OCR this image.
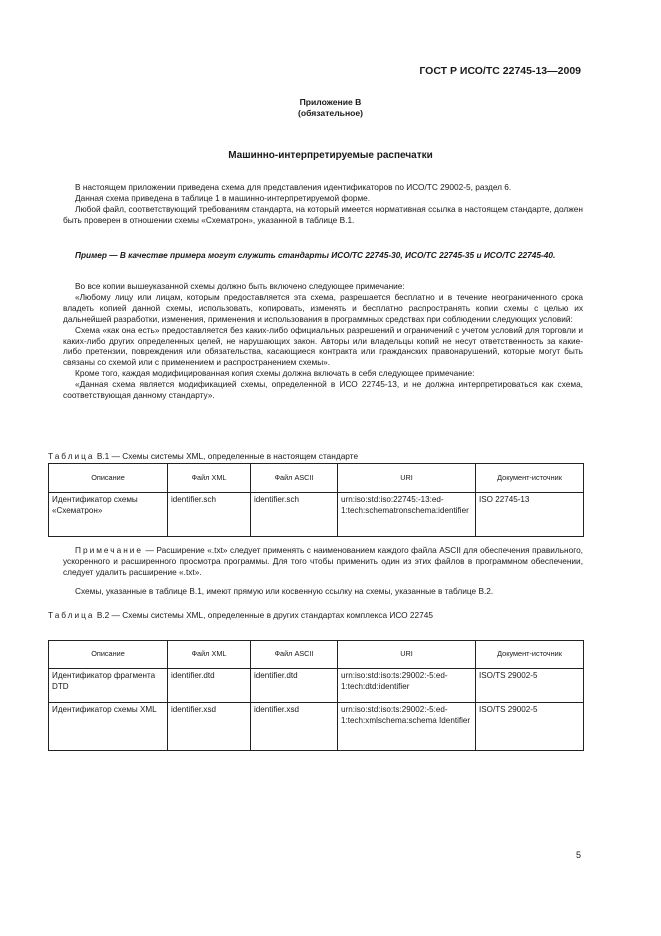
ГОСТ Р ИСО/ТС 22745-13—2009
Приложение В
(обязательное)
Машинно-интерпретируемые распечатки

В настоящем приложении приведена схема для представления идентификаторов по ИСО/ТС 29002-5, раздел 6.

Данная схема приведена в таблице 1 в машинно-интерпретируемой форме.

Любой файл, соответствующий требованиям стандарта, на который имеется нормативная ссылка в настоящем стандарте, должен быть проверен в отношении схемы «Схематрон», указанной в таблице В.1.

Пример — В качестве примера могут служить стандарты ИСО/ТС 22745-30, ИСО/ТС 22745-35 и ИСО/ТС 22745-40.

Во все копии вышеуказанной схемы должно быть включено следующее примечание:

«Любому лицу или лицам, которым предоставляется эта схема, разрешается бесплатно и в течение неограниченного срока владеть копией данной схемы, использовать, копировать, изменять и бесплатно распространять копии схемы с целью их дальнейшей разработки, изменения, применения и использования в программных средствах при соблюдении следующих условий:

Схема «как она есть» предоставляется без каких-либо официальных разрешений и ограничений с учетом условий для торговли и каких-либо других определенных целей, не нарушающих закон. Авторы или владельцы копий не несут ответственность за какие-либо претензии, повреждения или обязательства, касающиеся контракта или гражданских правонарушений, которые могут быть связаны со схемой или с применением и распространением схемы».

Кроме того, каждая модифицированная копия схемы должна включать в себя следующее примечание:

«Данная схема является модификацией схемы, определенной в ИСО 22745-13, и не должна интерпретироваться как схема, соответствующая данному стандарту».

Таблица В.1 — Схемы системы XML, определенные в настоящем стандарте
Описание	Файл XML	Файл ASCII	URI	Документ-источник
Идентификатор схемы «Схематрон»	identifier.sch	identifier.sch	urn:iso:std:iso:22745:-13:ed-1:tech:schematronschema:identifier	ISO 22745-13

Примечание — Расширение «.txt» следует применять с наименованием каждого файла ASCII для обеспечения правильного, ускоренного и расширенного просмотра программы. Для того чтобы применить один из этих файлов в программном обеспечении, следует удалить расширение «.txt».

Схемы, указанные в таблице В.1, имеют прямую или косвенную ссылку на схемы, указанные в таблице В.2.

Таблица В.2 — Схемы системы XML, определенные в других стандартах комплекса ИСО 22745
Описание	Файл XML	Файл ASCII	URI	Документ-источник
Идентификатор фрагмента DTD	identifier.dtd	identifier.dtd	urn:iso:std:iso:ts:29002:-5:ed-1:tech:dtd:identifier	ISO/TS 29002-5
Идентификатор схемы XML	identifier.xsd	identifier.xsd	urn:iso:std:iso:ts:29002:-5:ed-1:tech:xmlschema:schema Identifier	ISO/TS 29002-5
5
